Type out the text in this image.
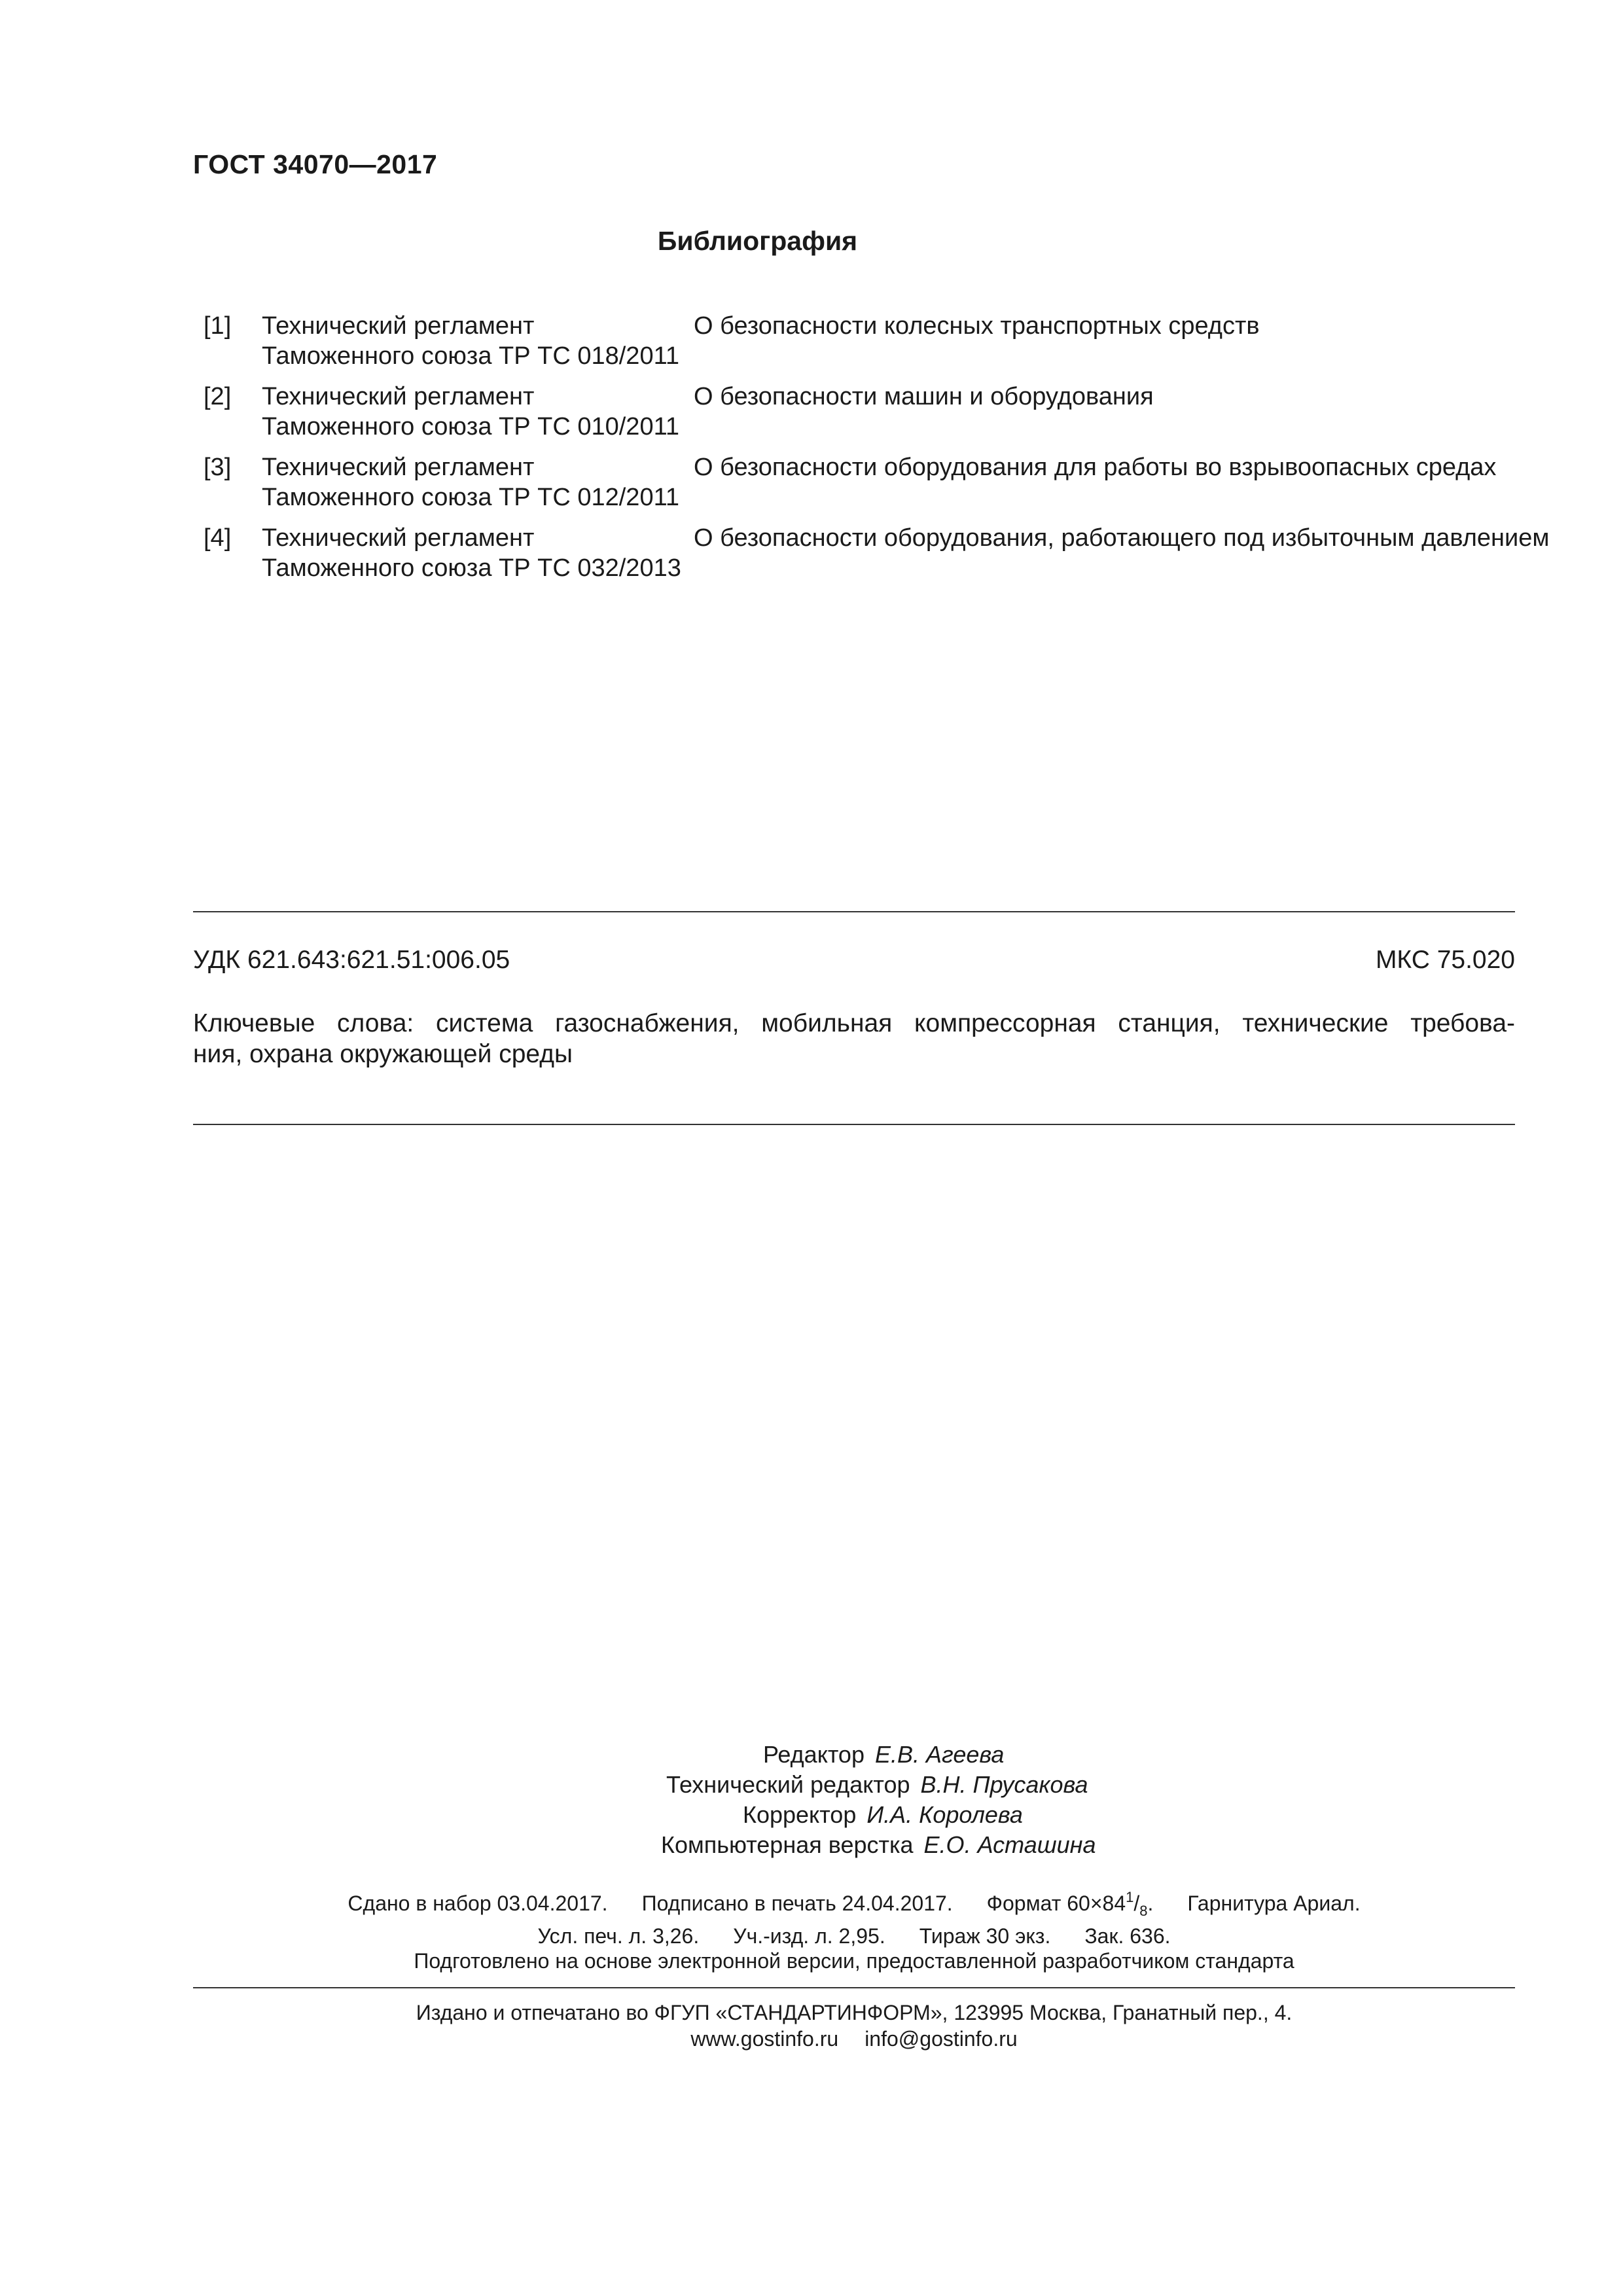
ГОСТ 34070—2017
Библиография
[1] Технический регламент
Таможенного союза ТР ТС 018/2011
О безопасности колесных транспортных средств
[2] Технический регламент
Таможенного союза ТР ТС 010/2011
О безопасности машин и оборудования
[3] Технический регламент
Таможенного союза ТР ТС 012/2011
О безопасности оборудования для работы во взрывоопасных средах
[4] Технический регламент
Таможенного союза ТР ТС 032/2013
О безопасности оборудования, работающего под избыточным давлением
УДК 621.643:621.51:006.05	МКС 75.020
Ключевые слова: система газоснабжения, мобильная компрессорная станция, технические требова-
ния, охрана окружающей среды
Редактор Е.В. Агеева
Технический редактор В.Н. Прусакова
Корректор И.А. Королева
Компьютерная верстка Е.О. Асташина
Сдано в набор 03.04.2017. Подписано в печать 24.04.2017. Формат $60\times 84^1/_8$. Гарнитура Ариал.
Усл. печ. л. 3,26. Уч.-изд. л. 2,95. Тираж 30 экз. Зак. 636.
Подготовлено на основе электронной версии, предоставленной разработчиком стандарта
Издано и отпечатано во ФГУП «СТАНДАРТИНФОРМ», 123995 Москва, Гранатный пер., 4.
www.gostinfo.ru info@gostinfo.ru
